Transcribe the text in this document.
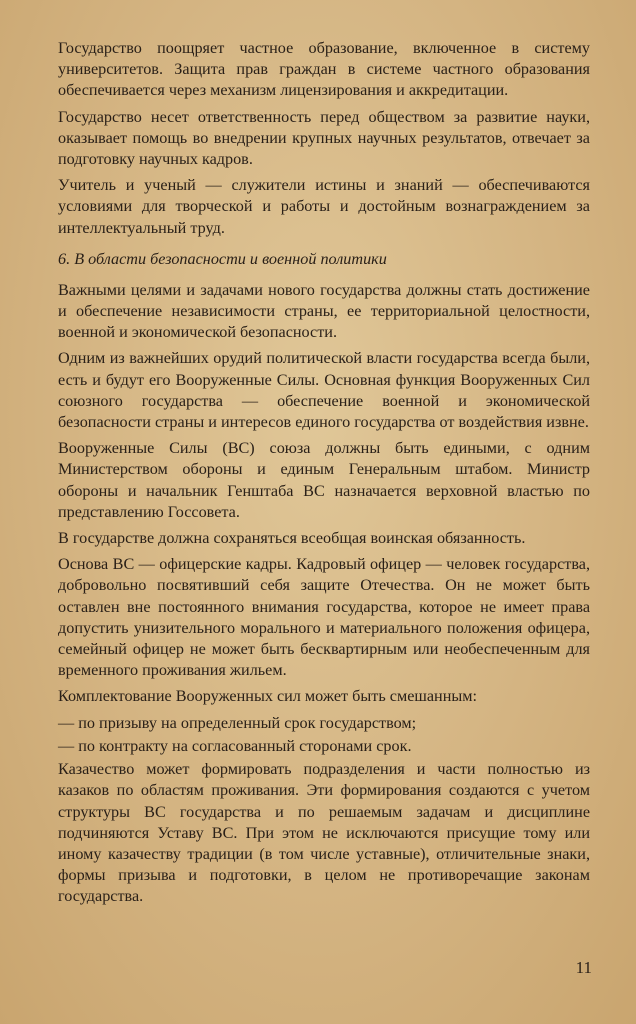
Государство поощряет частное образование, включенное в систему университетов. Защита прав граждан в системе частного образования обеспечивается через механизм лицензирования и аккредитации.

Государство несет ответственность перед обществом за развитие науки, оказывает помощь во внедрении крупных научных результатов, отвечает за подготовку научных кадров.

Учитель и ученый — служители истины и знаний — обеспечиваются условиями для творческой и работы и достойным вознаграждением за интеллектуальный труд.

6. В области безопасности и военной политики

Важными целями и задачами нового государства должны стать достижение и обеспечение независимости страны, ее территориальной целостности, военной и экономической безопасности.

Одним из важнейших орудий политической власти государства всегда были, есть и будут его Вооруженные Силы. Основная функция Вооруженных Сил союзного государства — обеспечение военной и экономической безопасности страны и интересов единого государства от воздействия извне.

Вооруженные Силы (ВС) союза должны быть едиными, с одним Министерством обороны и единым Генеральным штабом. Министр обороны и начальник Генштаба ВС назначается верховной властью по представлению Госсовета.

В государстве должна сохраняться всеобщая воинская обязанность.

Основа ВС — офицерские кадры. Кадровый офицер — человек государства, добровольно посвятивший себя защите Отечества. Он не может быть оставлен вне постоянного внимания государства, которое не имеет права допустить унизительного морального и материального положения офицера, семейный офицер не может быть бесквартирным или необеспеченным для временного проживания жильем.

Комплектование Вооруженных сил может быть смешанным:

— по призыву на определенный срок государством;

— по контракту на согласованный сторонами срок.

Казачество может формировать подразделения и части полностью из казаков по областям проживания. Эти формирования создаются с учетом структуры ВС государства и по решаемым задачам и дисциплине подчиняются Уставу ВС. При этом не исключаются присущие тому или иному казачеству традиции (в том числе уставные), отличительные знаки, формы призыва и подготовки, в целом не противоречащие законам государства.

11
